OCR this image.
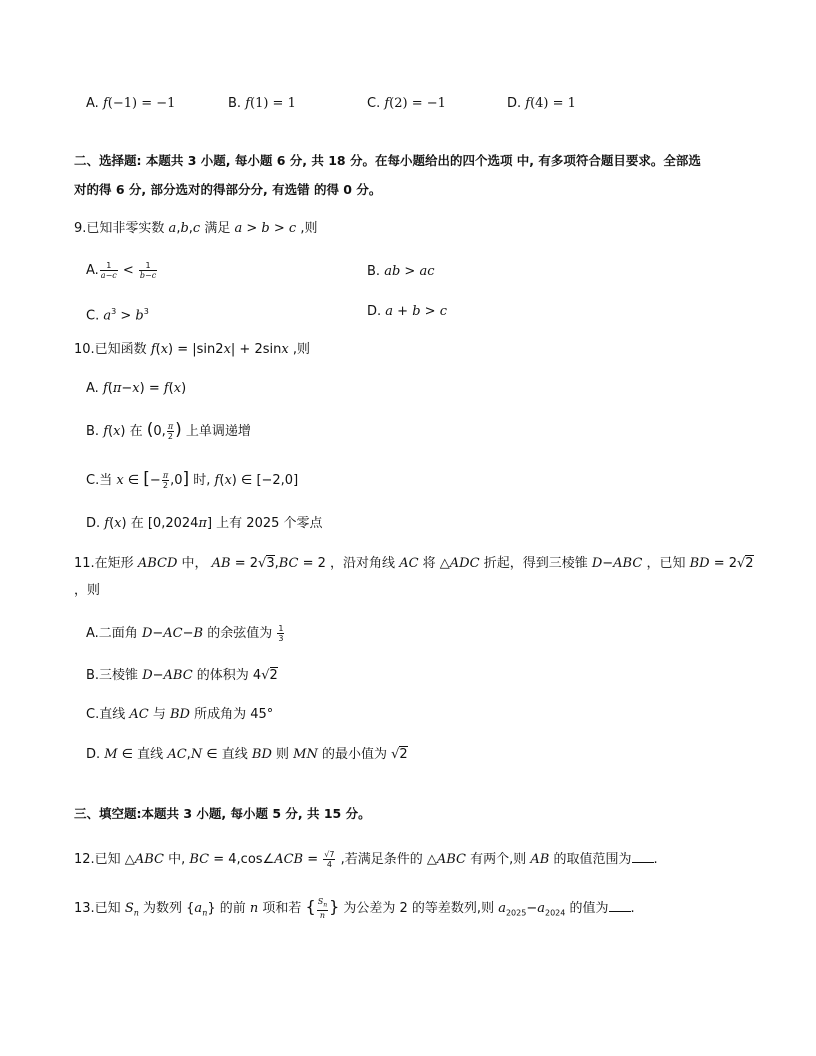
A. f(−1) = −1	B. f(1) = 1	C. f(2) = −1	D. f(4) = 1
二、选择题: 本题共 3 小题, 每小题 6 分, 共 18 分。在每小题给出的四个选项 中, 有多项符合题目要求。全部选
对的得 6 分, 部分选对的得部分分, 有选错 的得 0 分。
9.已知非零实数 a,b,c 满足 a > b > c ,则
A. $\frac{1}{a-c} < \frac{1}{b-c}$	B. ab > ac
C. $a^3 > b^3$	D. a + b > c
10.已知函数 f(x) = |sin2x| + 2sinx ,则
A. f(π−x) = f(x)
B. f(x) 在 (0, $\frac{\pi}{2}$ ) 上单调递增
C.当 x ∈ [− $\frac{\pi}{2} ,0$] 时, f(x) ∈ [−2,0]
D. f(x) 在 [0,2024π] 上有 2025 个零点
11.在矩形 ABCD 中， AB = 2√3,BC = 2 ，沿对角线 AC 将 △ADC 折起，得到三棱锥 D−ABC ，已知 BD = 2√2
，则
A.二面角 D−AC−B 的余弦值为 $\frac{1}{3}$
B.三棱锥 D−ABC 的体积为 4√2
C.直线 AC 与 BD 所成角为 45°
D. M ∈ 直线 AC,N ∈ 直线 BD 则 MN 的最小值为 √2
三、填空题:本题共 3 小题, 每小题 5 分, 共 15 分。
12.已知 △ABC 中, BC = 4,cos∠ACB = $\frac{√7}{4}$ ,若满足条件的 △ABC 有两个,则 AB 的取值范围为 .
13.已知 $S_n$ 为数列 $\{a_n\}$ 的前 n 项和若 { $\frac{S_n}{n}$ } 为公差为 2 的等差数列,则 $a_{2025}-a_{2024}$ 的值为 .
